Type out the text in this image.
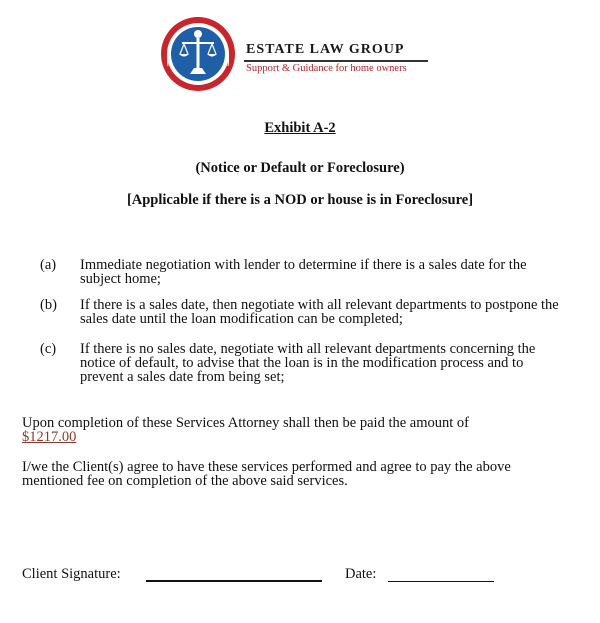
ESTATE LAW GROUP
Support & Guidance for home owners
Exhibit A-2
(Notice or Default or Foreclosure)
[Applicable if there is a NOD or house is in Foreclosure]
(a) Immediate negotiation with lender to determine if there is a sales date for the subject home;
(b) If there is a sales date, then negotiate with all relevant departments to postpone the sales date until the loan modification can be completed;
(c) If there is no sales date, negotiate with all relevant departments concerning the notice of default, to advise that the loan is in the modification process and to prevent a sales date from being set;
Upon completion of these Services Attorney shall then be paid the amount of
$1217.00
I/we the Client(s) agree to have these services performed and agree to pay the above mentioned fee on completion of the above said services.
Client Signature:	Date:
